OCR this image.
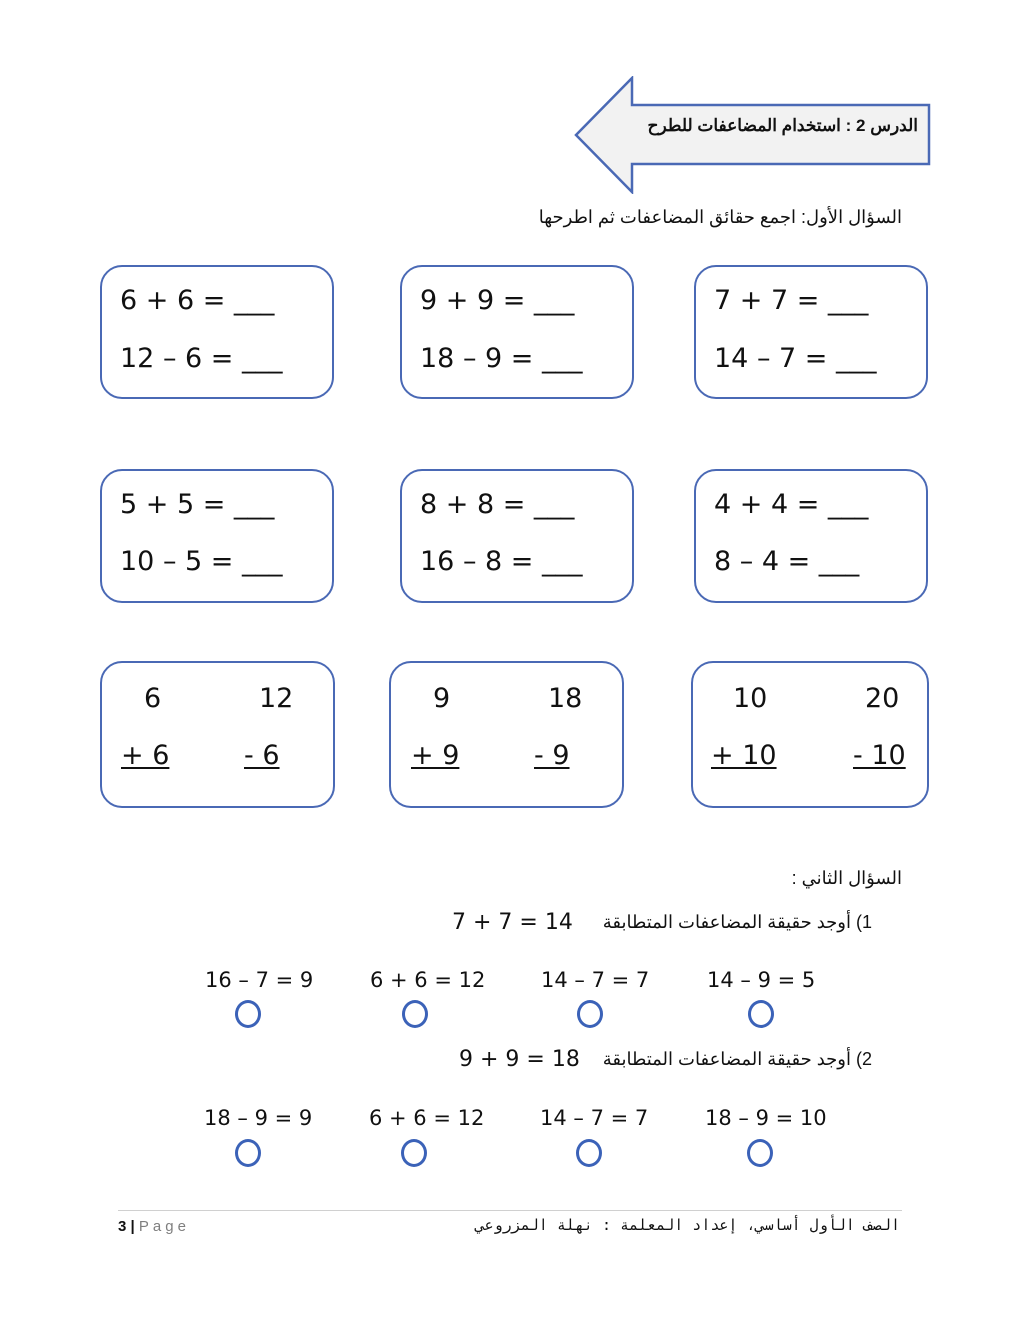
الدرس 2 : استخدام المضاعفات للطرح
السؤال الأول: اجمع حقائق المضاعفات ثم اطرحها
7 + 7 = ___
14 – 7 = ___
9 + 9 = ___
18 – 9 = ___
6 + 6 = ___
12 – 6 = ___
4 + 4 = ___
8 – 4 = ___
8 + 8 = ___
16 – 8 = ___
5 + 5 = ___
10 – 5 = ___
10	20
+ 10	- 10
9	18
+ 9	- 9
6	12
+ 6	- 6
السؤال الثاني :
1) أوجد حقيقة المضاعفات المتطابقة
7 + 7 = 14
14 – 9 = 5
14 – 7 = 7
6 + 6 = 12
16 – 7 = 9
2) أوجد حقيقة المضاعفات المتطابقة
9 + 9 = 18
18 – 9 = 10
14 – 7 = 7
6 + 6 = 12
18 – 9 = 9
3 | Page	الصف الأول أساسي، إعداد المعلمة : نهلة المزروعي
